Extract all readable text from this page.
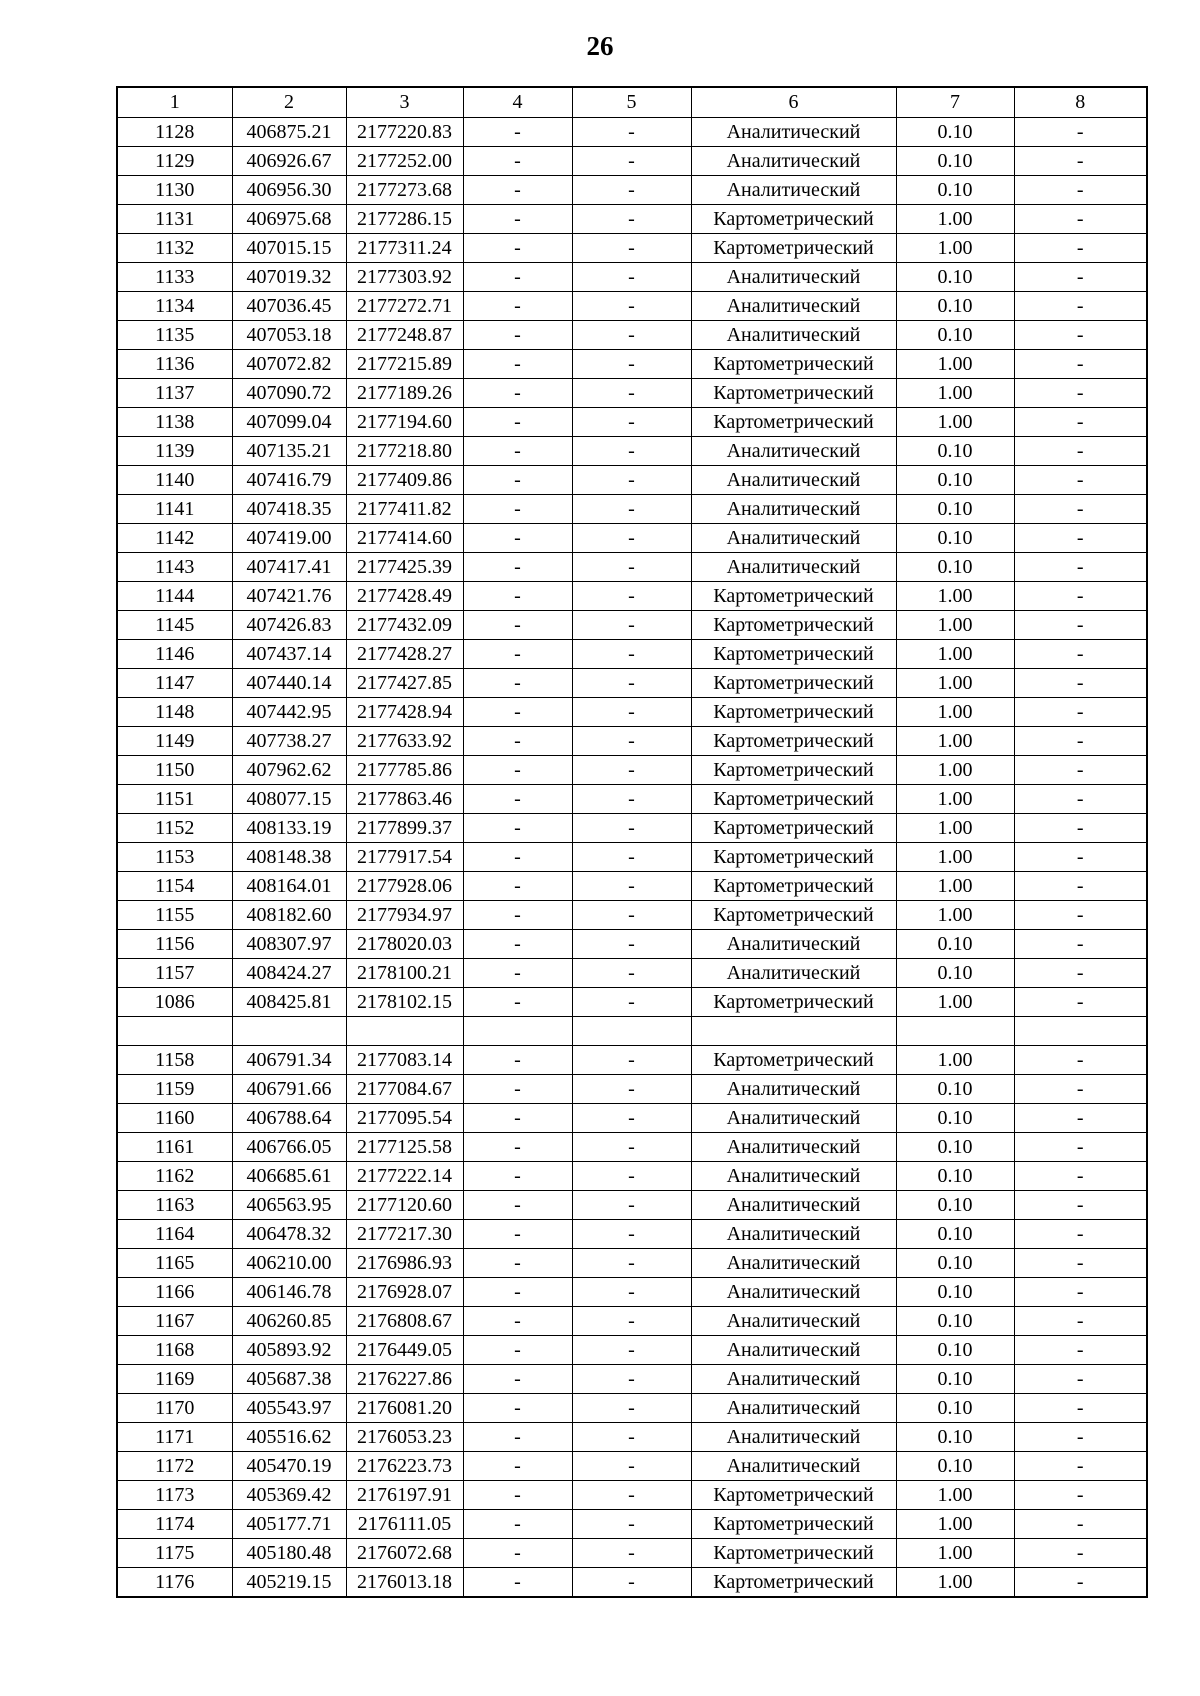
26
1	2	3	4	5	6	7	8
1128	406875.21	2177220.83	-	-	Аналитический	0.10	-
1129	406926.67	2177252.00	-	-	Аналитический	0.10	-
1130	406956.30	2177273.68	-	-	Аналитический	0.10	-
1131	406975.68	2177286.15	-	-	Картометрический	1.00	-
1132	407015.15	2177311.24	-	-	Картометрический	1.00	-
1133	407019.32	2177303.92	-	-	Аналитический	0.10	-
1134	407036.45	2177272.71	-	-	Аналитический	0.10	-
1135	407053.18	2177248.87	-	-	Аналитический	0.10	-
1136	407072.82	2177215.89	-	-	Картометрический	1.00	-
1137	407090.72	2177189.26	-	-	Картометрический	1.00	-
1138	407099.04	2177194.60	-	-	Картометрический	1.00	-
1139	407135.21	2177218.80	-	-	Аналитический	0.10	-
1140	407416.79	2177409.86	-	-	Аналитический	0.10	-
1141	407418.35	2177411.82	-	-	Аналитический	0.10	-
1142	407419.00	2177414.60	-	-	Аналитический	0.10	-
1143	407417.41	2177425.39	-	-	Аналитический	0.10	-
1144	407421.76	2177428.49	-	-	Картометрический	1.00	-
1145	407426.83	2177432.09	-	-	Картометрический	1.00	-
1146	407437.14	2177428.27	-	-	Картометрический	1.00	-
1147	407440.14	2177427.85	-	-	Картометрический	1.00	-
1148	407442.95	2177428.94	-	-	Картометрический	1.00	-
1149	407738.27	2177633.92	-	-	Картометрический	1.00	-
1150	407962.62	2177785.86	-	-	Картометрический	1.00	-
1151	408077.15	2177863.46	-	-	Картометрический	1.00	-
1152	408133.19	2177899.37	-	-	Картометрический	1.00	-
1153	408148.38	2177917.54	-	-	Картометрический	1.00	-
1154	408164.01	2177928.06	-	-	Картометрический	1.00	-
1155	408182.60	2177934.97	-	-	Картометрический	1.00	-
1156	408307.97	2178020.03	-	-	Аналитический	0.10	-
1157	408424.27	2178100.21	-	-	Аналитический	0.10	-
1086	408425.81	2178102.15	-	-	Картометрический	1.00	-

1158	406791.34	2177083.14	-	-	Картометрический	1.00	-
1159	406791.66	2177084.67	-	-	Аналитический	0.10	-
1160	406788.64	2177095.54	-	-	Аналитический	0.10	-
1161	406766.05	2177125.58	-	-	Аналитический	0.10	-
1162	406685.61	2177222.14	-	-	Аналитический	0.10	-
1163	406563.95	2177120.60	-	-	Аналитический	0.10	-
1164	406478.32	2177217.30	-	-	Аналитический	0.10	-
1165	406210.00	2176986.93	-	-	Аналитический	0.10	-
1166	406146.78	2176928.07	-	-	Аналитический	0.10	-
1167	406260.85	2176808.67	-	-	Аналитический	0.10	-
1168	405893.92	2176449.05	-	-	Аналитический	0.10	-
1169	405687.38	2176227.86	-	-	Аналитический	0.10	-
1170	405543.97	2176081.20	-	-	Аналитический	0.10	-
1171	405516.62	2176053.23	-	-	Аналитический	0.10	-
1172	405470.19	2176223.73	-	-	Аналитический	0.10	-
1173	405369.42	2176197.91	-	-	Картометрический	1.00	-
1174	405177.71	2176111.05	-	-	Картометрический	1.00	-
1175	405180.48	2176072.68	-	-	Картометрический	1.00	-
1176	405219.15	2176013.18	-	-	Картометрический	1.00	-
